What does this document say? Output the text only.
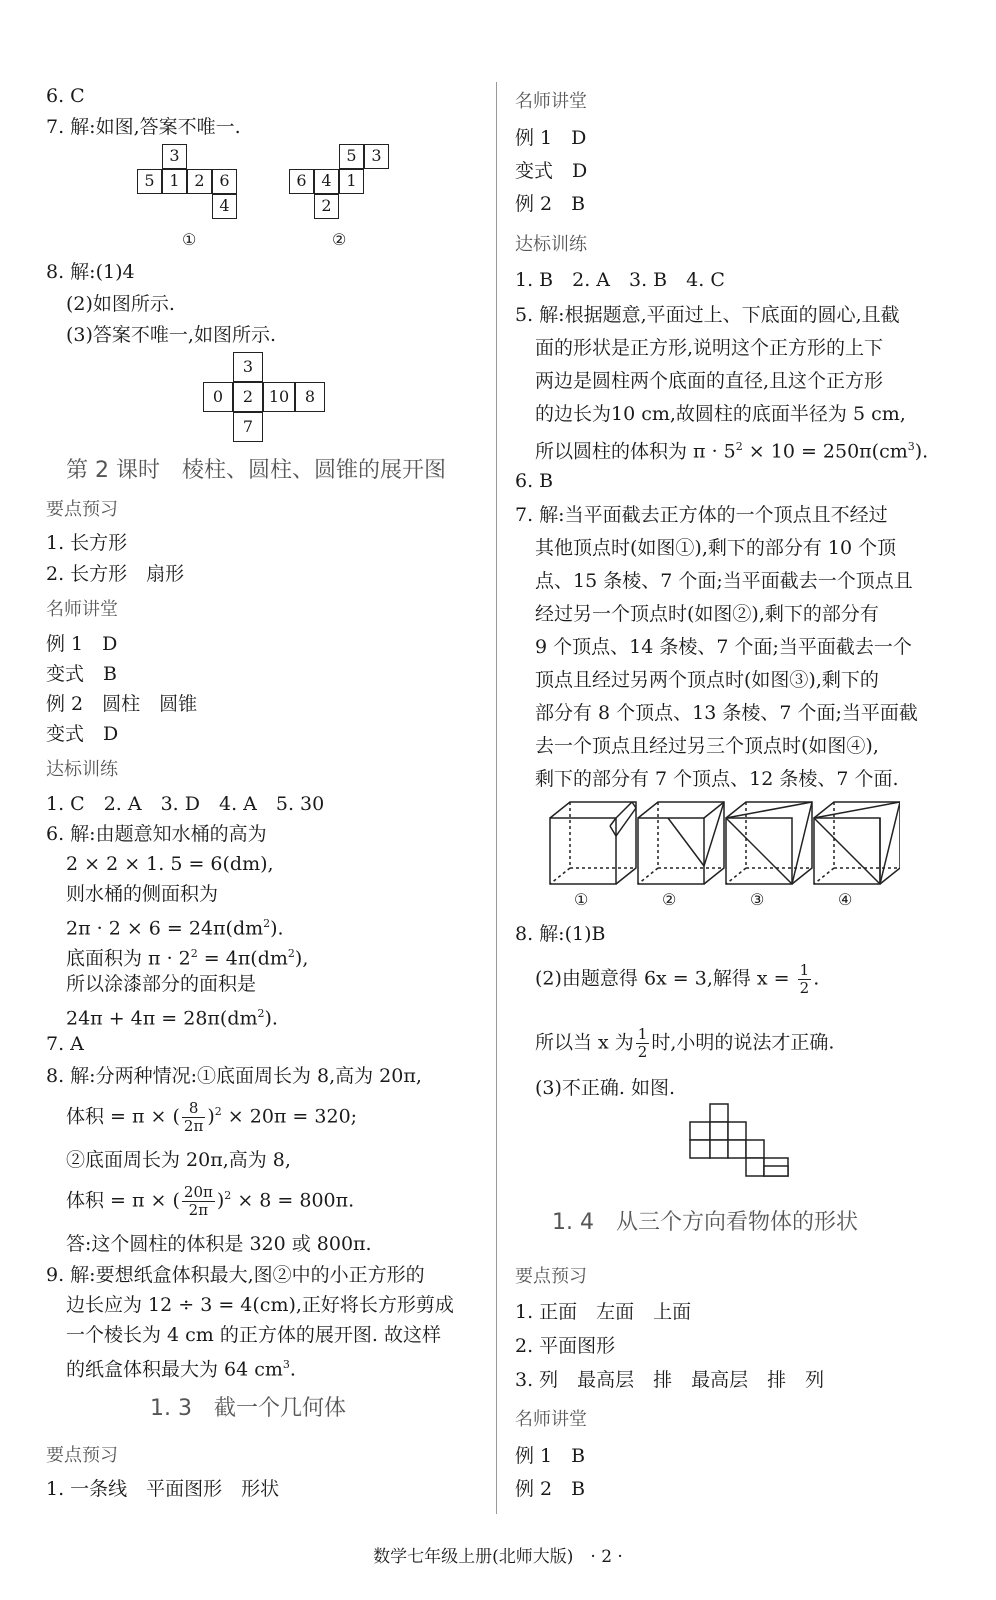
6. C
7. 解:如图,答案不唯一.
3
5 1 2 6
4
①
5 3
6 4 1
2
②
8. 解:(1)4
(2)如图所示.
(3)答案不唯一,如图所示.
3
0	2 10 8
7
第 2 课时　棱柱、圆柱、圆锥的展开图
要点预习
1. 长方形
2. 长方形　扇形
名师讲堂
例 1　D
变式　B
例 2　圆柱　圆锥
变式　D
达标训练
1. C　2. A　3. D　4. A　5. 30
6. 解:由题意知水桶的高为
2 × 2 × 1. 5 = 6(dm),
则水桶的侧面积为
$2\pi \cdot 2 \times 6 = 24\pi(dm^2)$.
底面积为 $\pi \cdot 2^2 = 4\pi(dm^2)$,
所以涂漆部分的面积是
$24\pi + 4\pi = 28\pi(dm^2)$.
7. A
8. 解:分两种情况:①底面周长为 8,高为 20π,
体积 = π × ( $\frac{8}{2\pi} )^2 \times 20\pi = 320$;
②底面周长为 20π,高为 8,
体积 = π × ( $\frac{20\pi}{2\pi} )^2 \times 8 = 800\pi$.
答:这个圆柱的体积是 320 或 800π.
9. 解:要想纸盒体积最大,图②中的小正方形的
边长应为 12 ÷ 3 = 4(cm),正好将长方形剪成
一个棱长为 4 cm 的正方体的展开图. 故这样
的纸盒体积最大为 64 $cm^3$.
1. 3　截一个几何体
要点预习
1. 一条线　平面图形　形状
名师讲堂
例 1　D
变式　D
例 2　B
达标训练
1. B　2. A　3. B　4. C
5. 解:根据题意,平面过上、下底面的圆心,且截
面的形状是正方形,说明这个正方形的上下
两边是圆柱两个底面的直径,且这个正方形
的边长为10 cm,故圆柱的底面半径为 5 cm,
所以圆柱的体积为 $\pi \cdot 5^2 \times 10 = 250\pi(cm^3)$.
6. B
7. 解:当平面截去正方体的一个顶点且不经过
其他顶点时(如图①),剩下的部分有 10 个顶
点、15 条棱、7 个面;当平面截去一个顶点且
经过另一个顶点时(如图②),剩下的部分有
9 个顶点、14 条棱、7 个面;当平面截去一个
顶点且经过另两个顶点时(如图③),剩下的
部分有 8 个顶点、13 条棱、7 个面;当平面截
去一个顶点且经过另三个顶点时(如图④),
剩下的部分有 7 个顶点、12 条棱、7 个面.
①	②	③	④
8. 解:(1)B
(2)由题意得 6x = 3,解得 $x = \frac{1}{2}$ .
所以当 x 为 $\frac{1}{2}$ 时,小明的说法才正确.
(3)不正确. 如图.
1. 4　从三个方向看物体的形状
要点预习
1. 正面　左面　上面
2. 平面图形
3. 列　最高层　排　最高层　排　列
名师讲堂
例 1　B
例 2　B
数学七年级上册(北师大版)　· 2 ·
